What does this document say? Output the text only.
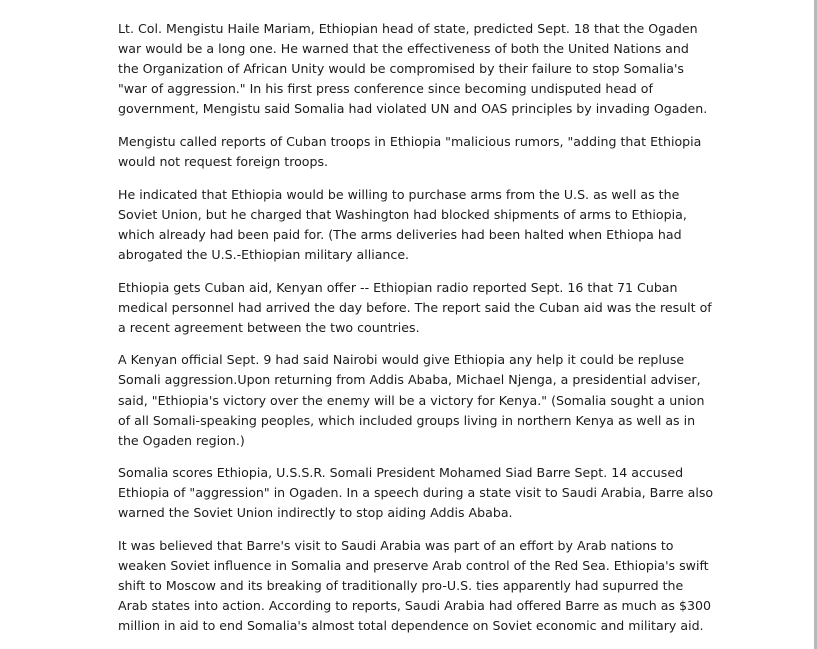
Lt. Col. Mengistu Haile Mariam, Ethiopian head of state, predicted Sept. 18 that the Ogaden
war would be a long one. He warned that the effectiveness of both the United Nations and
the Organization of African Unity would be compromised by their failure to stop Somalia's
"war of aggression." In his first press conference since becoming undisputed head of
government, Mengistu said Somalia had violated UN and OAS principles by invading Ogaden.

Mengistu called reports of Cuban troops in Ethiopia "malicious rumors, "adding that Ethiopia
would not request foreign troops.

He indicated that Ethiopia would be willing to purchase arms from the U.S. as well as the
Soviet Union, but he charged that Washington had blocked shipments of arms to Ethiopia,
which already had been paid for. (The arms deliveries had been halted when Ethiopa had
abrogated the U.S.-Ethiopian military alliance.

Ethiopia gets Cuban aid, Kenyan offer -- Ethiopian radio reported Sept. 16 that 71 Cuban
medical personnel had arrived the day before. The report said the Cuban aid was the result of
a recent agreement between the two countries.

A Kenyan official Sept. 9 had said Nairobi would give Ethiopia any help it could be repluse
Somali aggression.Upon returning from Addis Ababa, Michael Njenga, a presidential adviser,
said, "Ethiopia's victory over the enemy will be a victory for Kenya." (Somalia sought a union
of all Somali-speaking peoples, which included groups living in northern Kenya as well as in
the Ogaden region.)

Somalia scores Ethiopia, U.S.S.R. Somali President Mohamed Siad Barre Sept. 14 accused
Ethiopia of "aggression" in Ogaden. In a speech during a state visit to Saudi Arabia, Barre also
warned the Soviet Union indirectly to stop aiding Addis Ababa.

It was believed that Barre's visit to Saudi Arabia was part of an effort by Arab nations to
weaken Soviet influence in Somalia and preserve Arab control of the Red Sea. Ethiopia's swift
shift to Moscow and its breaking of traditionally pro-U.S. ties apparently had supurred the
Arab states into action. According to reports, Saudi Arabia had offered Barre as much as $300
million in aid to end Somalia's almost total dependence on Soviet economic and military aid.
